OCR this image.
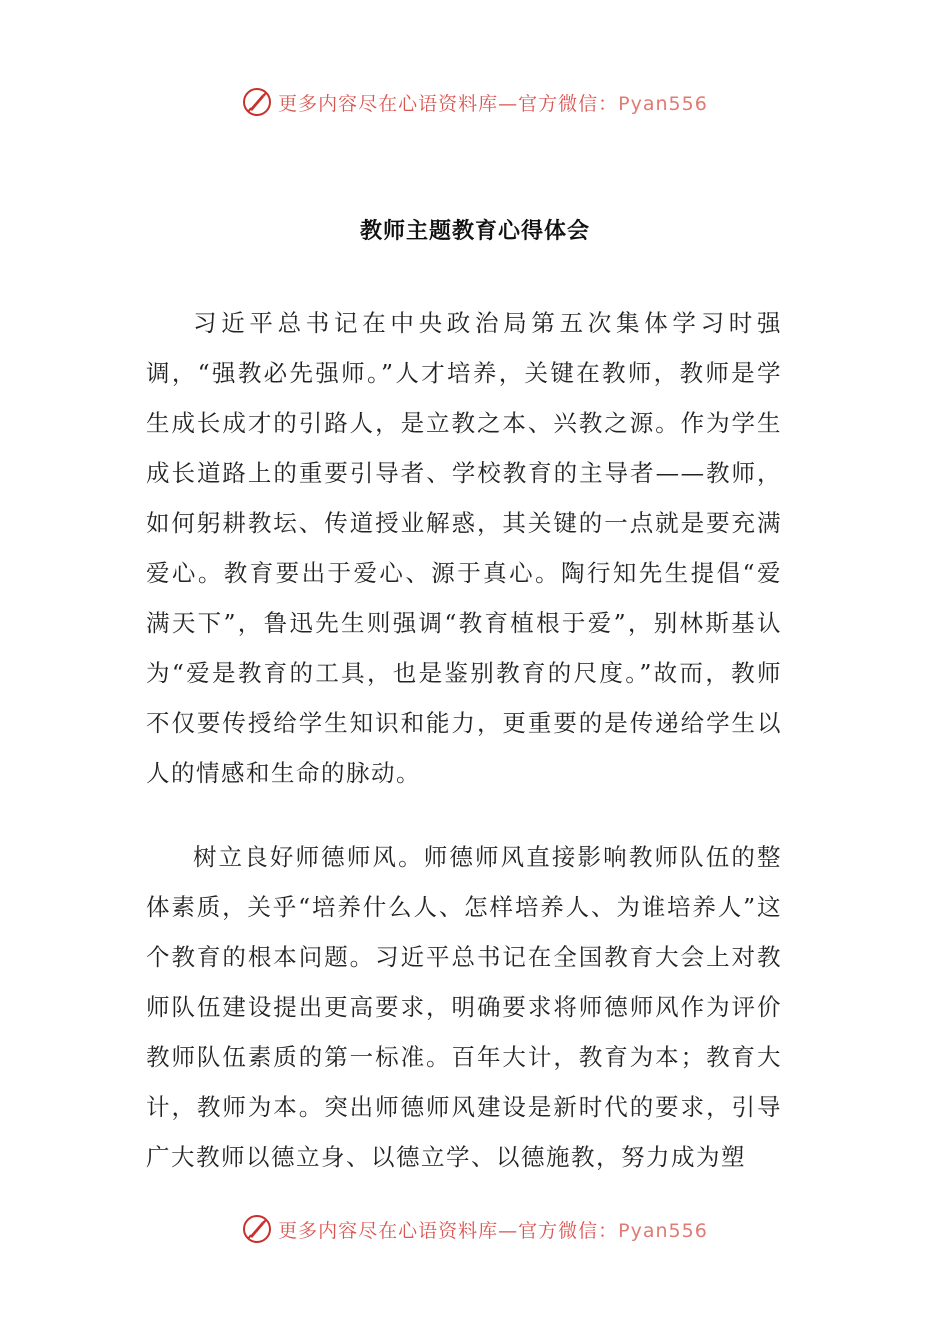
更多内容尽在心语资料库—官方微信：Pyan556
教师主题教育心得体会

习近平总书记在中央政治局第五次集体学习时强调，“强教必先强师。”人才培养，关键在教师，教师是学生成长成才的引路人，是立教之本、兴教之源。作为学生成长道路上的重要引导者、学校教育的主导者——教师，如何躬耕教坛、传道授业解惑，其关键的一点就是要充满爱心。教育要出于爱心、源于真心。陶行知先生提倡“爱满天下”，鲁迅先生则强调“教育植根于爱”，别林斯基认为“爱是教育的工具，也是鉴别教育的尺度。”故而，教师不仅要传授给学生知识和能力，更重要的是传递给学生以人的情感和生命的脉动。

树立良好师德师风。师德师风直接影响教师队伍的整体素质，关乎“培养什么人、怎样培养人、为谁培养人”这个教育的根本问题。习近平总书记在全国教育大会上对教师队伍建设提出更高要求，明确要求将师德师风作为评价教师队伍素质的第一标准。百年大计，教育为本；教育大计，教师为本。突出师德师风建设是新时代的要求，引导广大教师以德立身、以德立学、以德施教，努力成为塑

更多内容尽在心语资料库—官方微信：Pyan556
